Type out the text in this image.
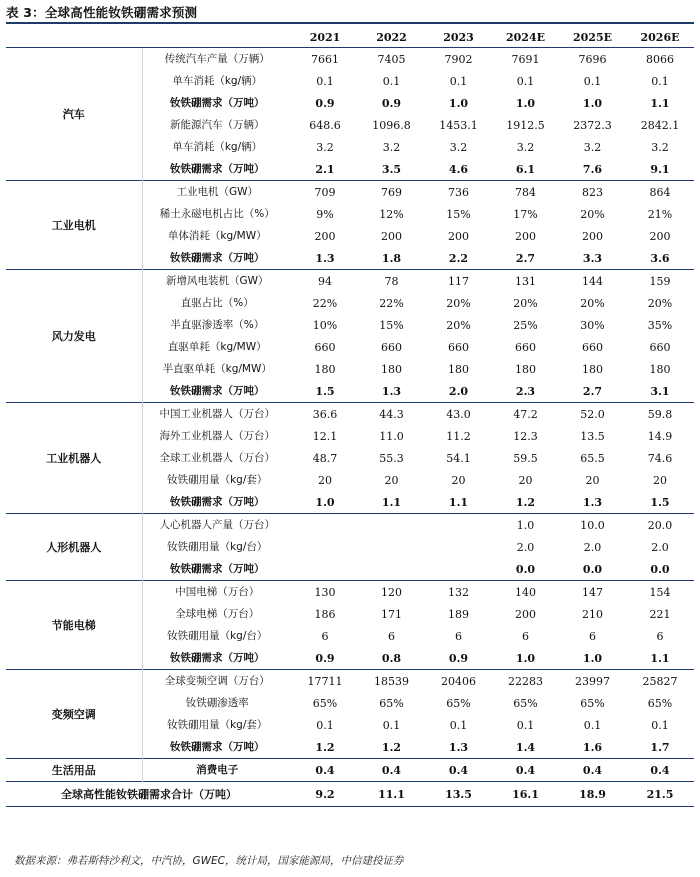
表 3：全球高性能钕铁硼需求预测
		2021	2022	2023	2024E	2025E	2026E
汽车	传统汽车产量（万辆）	7661	7405	7902	7691	7696	8066
	单车消耗（kg/辆）	0.1	0.1	0.1	0.1	0.1	0.1
	钕铁硼需求（万吨）	0.9	0.9	1.0	1.0	1.0	1.1
	新能源汽车（万辆）	648.6	1096.8	1453.1	1912.5	2372.3	2842.1
	单车消耗（kg/辆）	3.2	3.2	3.2	3.2	3.2	3.2
	钕铁硼需求（万吨）	2.1	3.5	4.6	6.1	7.6	9.1
工业电机	工业电机（GW）	709	769	736	784	823	864
	稀土永磁电机占比（%）	9%	12%	15%	17%	20%	21%
	单体消耗（kg/MW）	200	200	200	200	200	200
	钕铁硼需求（万吨）	1.3	1.8	2.2	2.7	3.3	3.6
风力发电	新增风电装机（GW）	94	78	117	131	144	159
	直驱占比（%）	22%	22%	20%	20%	20%	20%
	半直驱渗透率（%）	10%	15%	20%	25%	30%	35%
	直驱单耗（kg/MW）	660	660	660	660	660	660
	半直驱单耗（kg/MW）	180	180	180	180	180	180
	钕铁硼需求（万吨）	1.5	1.3	2.0	2.3	2.7	3.1
工业机器人	中国工业机器人（万台）	36.6	44.3	43.0	47.2	52.0	59.8
	海外工业机器人（万台）	12.1	11.0	11.2	12.3	13.5	14.9
	全球工业机器人（万台）	48.7	55.3	54.1	59.5	65.5	74.6
	钕铁硼用量（kg/套）	20	20	20	20	20	20
	钕铁硼需求（万吨）	1.0	1.1	1.1	1.2	1.3	1.5
人形机器人	人心机器人产量（万台）				1.0	10.0	20.0
	钕铁硼用量（kg/台）				2.0	2.0	2.0
	钕铁硼需求（万吨）				0.0	0.0	0.0
节能电梯	中国电梯（万台）	130	120	132	140	147	154
	全球电梯（万台）	186	171	189	200	210	221
	钕铁硼用量（kg/台）	6	6	6	6	6	6
	钕铁硼需求（万吨）	0.9	0.8	0.9	1.0	1.0	1.1
变频空调	全球变频空调（万台）	17711	18539	20406	22283	23997	25827
	钕铁硼渗透率	65%	65%	65%	65%	65%	65%
	钕铁硼用量（kg/套）	0.1	0.1	0.1	0.1	0.1	0.1
	钕铁硼需求（万吨）	1.2	1.2	1.3	1.4	1.6	1.7
生活用品	消费电子	0.4	0.4	0.4	0.4	0.4	0.4
全球高性能钕铁硼需求合计（万吨）		9.2	11.1	13.5	16.1	18.9	21.5
数据来源：弗若斯特沙利文，中汽协，GWEC，统计局，国家能源局，中信建投证券
